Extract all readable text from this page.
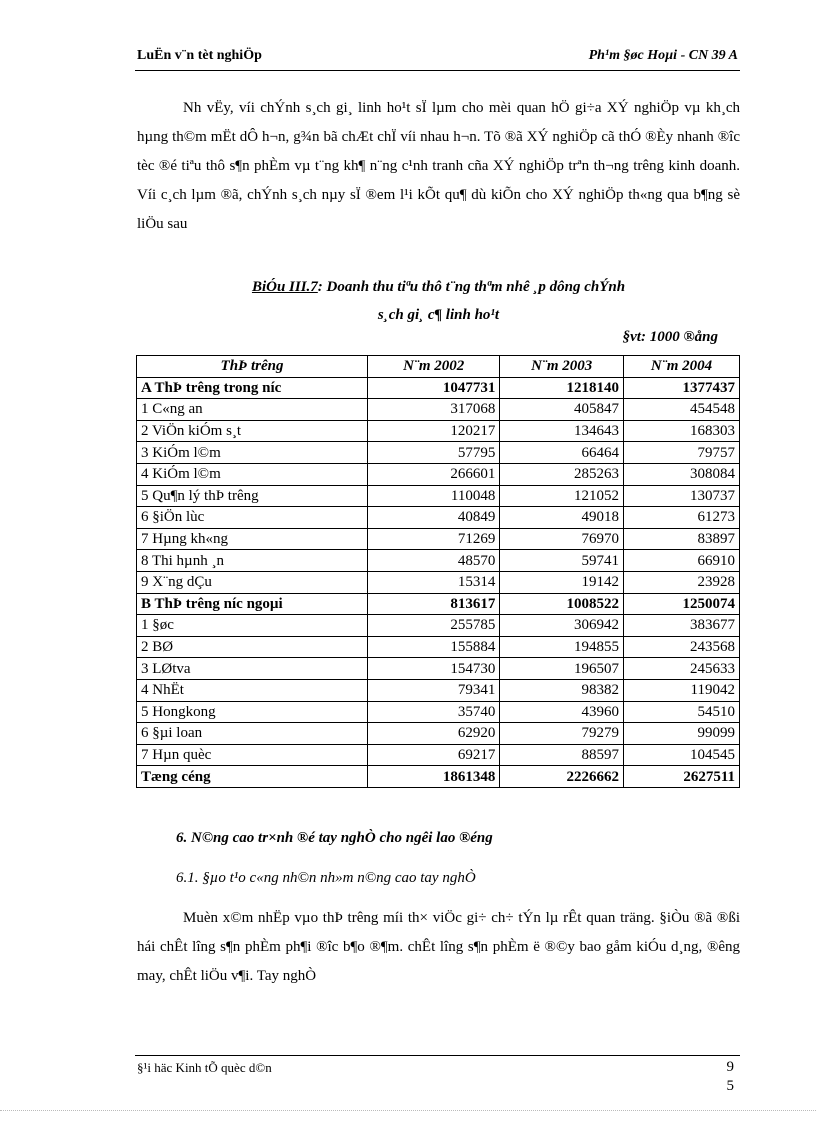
LuËn v¨n tèt nghiÖp	Ph¹m §øc Hoµi - CN 39 A

Nh vËy, víi chÝnh s¸ch gi¸ linh ho¹t sÏ lµm cho mèi quan hÖ gi÷a XÝ nghiÖp vµ kh¸ch hµng th©m mËt dÔ h¬n, g¾n bã chÆt chÏ víi nhau h¬n. Tõ ®ã XÝ nghiÖp cã thÓ ®Èy nhanh ®îc tèc ®é tiªu thô s¶n phÈm vµ t¨ng kh¶ n¨ng c¹nh tranh cña XÝ nghiÖp trªn th¬ng trêng kinh doanh. Víi c¸ch lµm ®ã, chÝnh s¸ch nµy sÏ ®em l¹i kÕt qu¶ dù kiÕn cho XÝ nghiÖp th«ng qua b¶ng sè liÖu sau

BiÓu III.7: Doanh thu tiªu thô t¨ng thªm nhê ¸p dông chÝnh
s¸ch gi¸ c¶ linh ho¹t
§vt: 1000 ®ång
ThÞ trêng	N¨m 2002	N¨m 2003	N¨m 2004
A ThÞ trêng trong níc	1047731	1218140	1377437
1 C«ng an	317068	405847	454548
2 ViÖn kiÓm s¸t	120217	134643	168303
3 KiÓm l©m	57795	66464	79757
4 KiÓm l©m	266601	285263	308084
5 Qu¶n lý thÞ trêng	110048	121052	130737
6 §iÖn lùc	40849	49018	61273
7 Hµng kh«ng	71269	76970	83897
8 Thi hµnh ¸n	48570	59741	66910
9 X¨ng dÇu	15314	19142	23928
B ThÞ trêng níc ngoµi	813617	1008522	1250074
1 §øc	255785	306942	383677
2 BØ	155884	194855	243568
3 LØtva	154730	196507	245633
4 NhËt	79341	98382	119042
5 Hongkong	35740	43960	54510
6 §µi loan	62920	79279	99099
7 Hµn quèc	69217	88597	104545
Tæng céng	1861348	2226662	2627511
6. N©ng cao tr×nh ®é tay nghÒ cho ngêi lao ®éng
6.1. §µo t¹o c«ng nh©n nh»m n©ng cao tay nghÒ

Muèn x©m nhËp vµo thÞ trêng míi th× viÖc gi÷ ch÷ tÝn lµ rÊt quan träng. §iÒu ®ã ®ßi hái chÊt lîng s¶n phÈm ph¶i ®îc b¶o ®¶m. chÊt lîng s¶n phÈm ë ®©y bao gåm kiÓu d¸ng, ®êng may, chÊt liÖu v¶i. Tay nghÒ

§¹i häc Kinh tÕ quèc d©n	9
5
